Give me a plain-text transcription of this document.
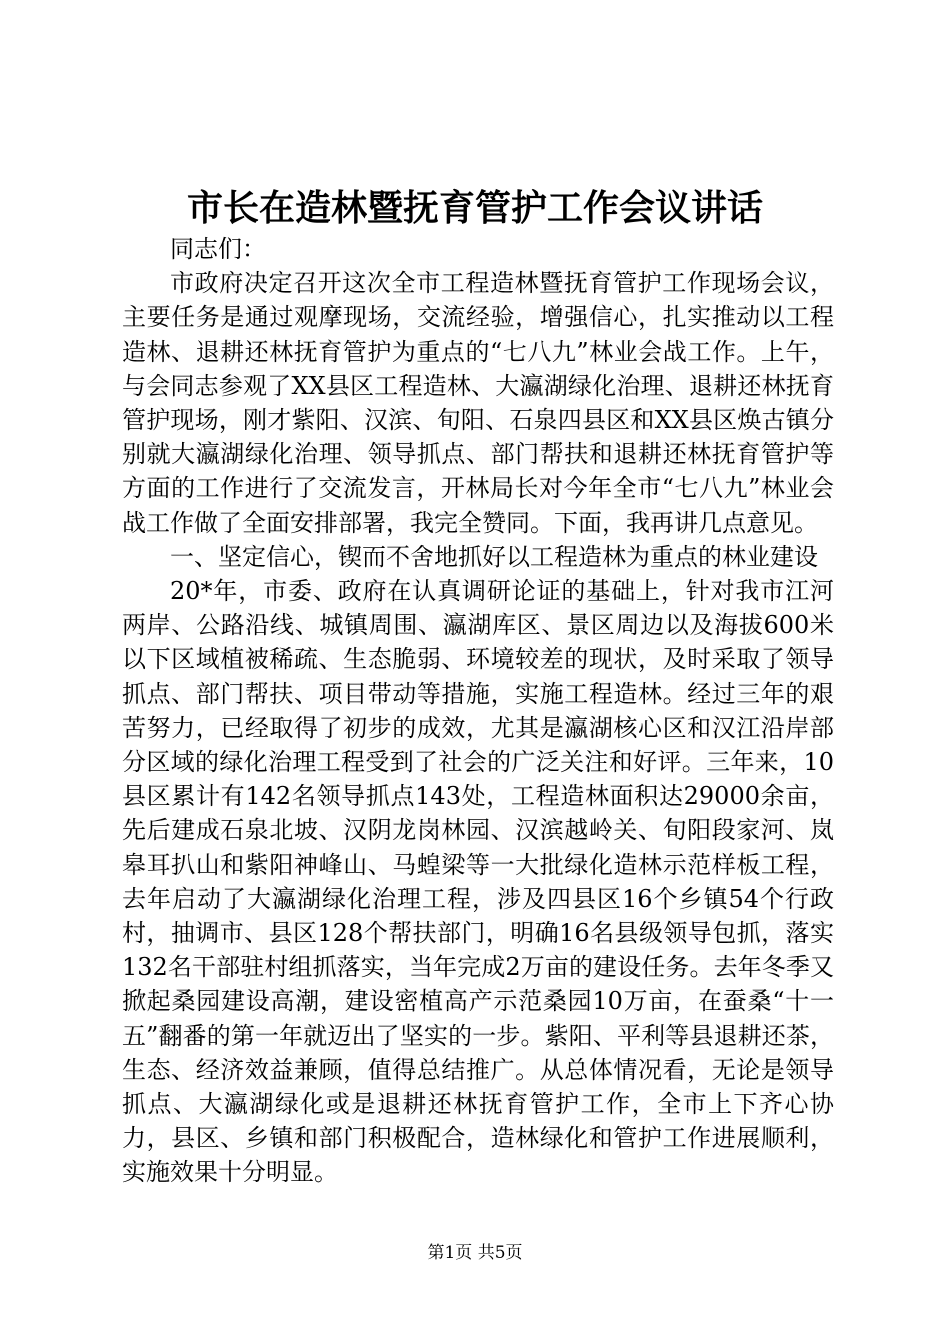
市长在造林暨抚育管护工作会议讲话

同志们：

市政府决定召开这次全市工程造林暨抚育管护工作现场会议，主要任务是通过观摩现场，交流经验，增强信心，扎实推动以工程造林、退耕还林抚育管护为重点的“七八九”林业会战工作。上午，与会同志参观了XX县区工程造林、大瀛湖绿化治理、退耕还林抚育管护现场，刚才紫阳、汉滨、旬阳、石泉四县区和XX县区焕古镇分别就大瀛湖绿化治理、领导抓点、部门帮扶和退耕还林抚育管护等方面的工作进行了交流发言，开林局长对今年全市“七八九”林业会战工作做了全面安排部署，我完全赞同。下面，我再讲几点意见。

一、坚定信心，锲而不舍地抓好以工程造林为重点的林业建设

20*年，市委、政府在认真调研论证的基础上，针对我市江河两岸、公路沿线、城镇周围、瀛湖库区、景区周边以及海拔600米以下区域植被稀疏、生态脆弱、环境较差的现状，及时采取了领导抓点、部门帮扶、项目带动等措施，实施工程造林。经过三年的艰苦努力，已经取得了初步的成效，尤其是瀛湖核心区和汉江沿岸部分区域的绿化治理工程受到了社会的广泛关注和好评。三年来，10县区累计有142名领导抓点143处，工程造林面积达29000余亩，先后建成石泉北坡、汉阴龙岗林园、汉滨越岭关、旬阳段家河、岚皋耳扒山和紫阳神峰山、马蝗梁等一大批绿化造林示范样板工程，去年启动了大瀛湖绿化治理工程，涉及四县区16个乡镇54个行政村，抽调市、县区128个帮扶部门，明确16名县级领导包抓，落实132名干部驻村组抓落实，当年完成2万亩的建设任务。去年冬季又掀起桑园建设高潮，建设密植高产示范桑园10万亩，在蚕桑“十一五”翻番的第一年就迈出了坚实的一步。紫阳、平利等县退耕还茶，生态、经济效益兼顾，值得总结推广。从总体情况看，无论是领导抓点、大瀛湖绿化或是退耕还林抚育管护工作，全市上下齐心协力，县区、乡镇和部门积极配合，造林绿化和管护工作进展顺利，实施效果十分明显。

第1页 共5页
